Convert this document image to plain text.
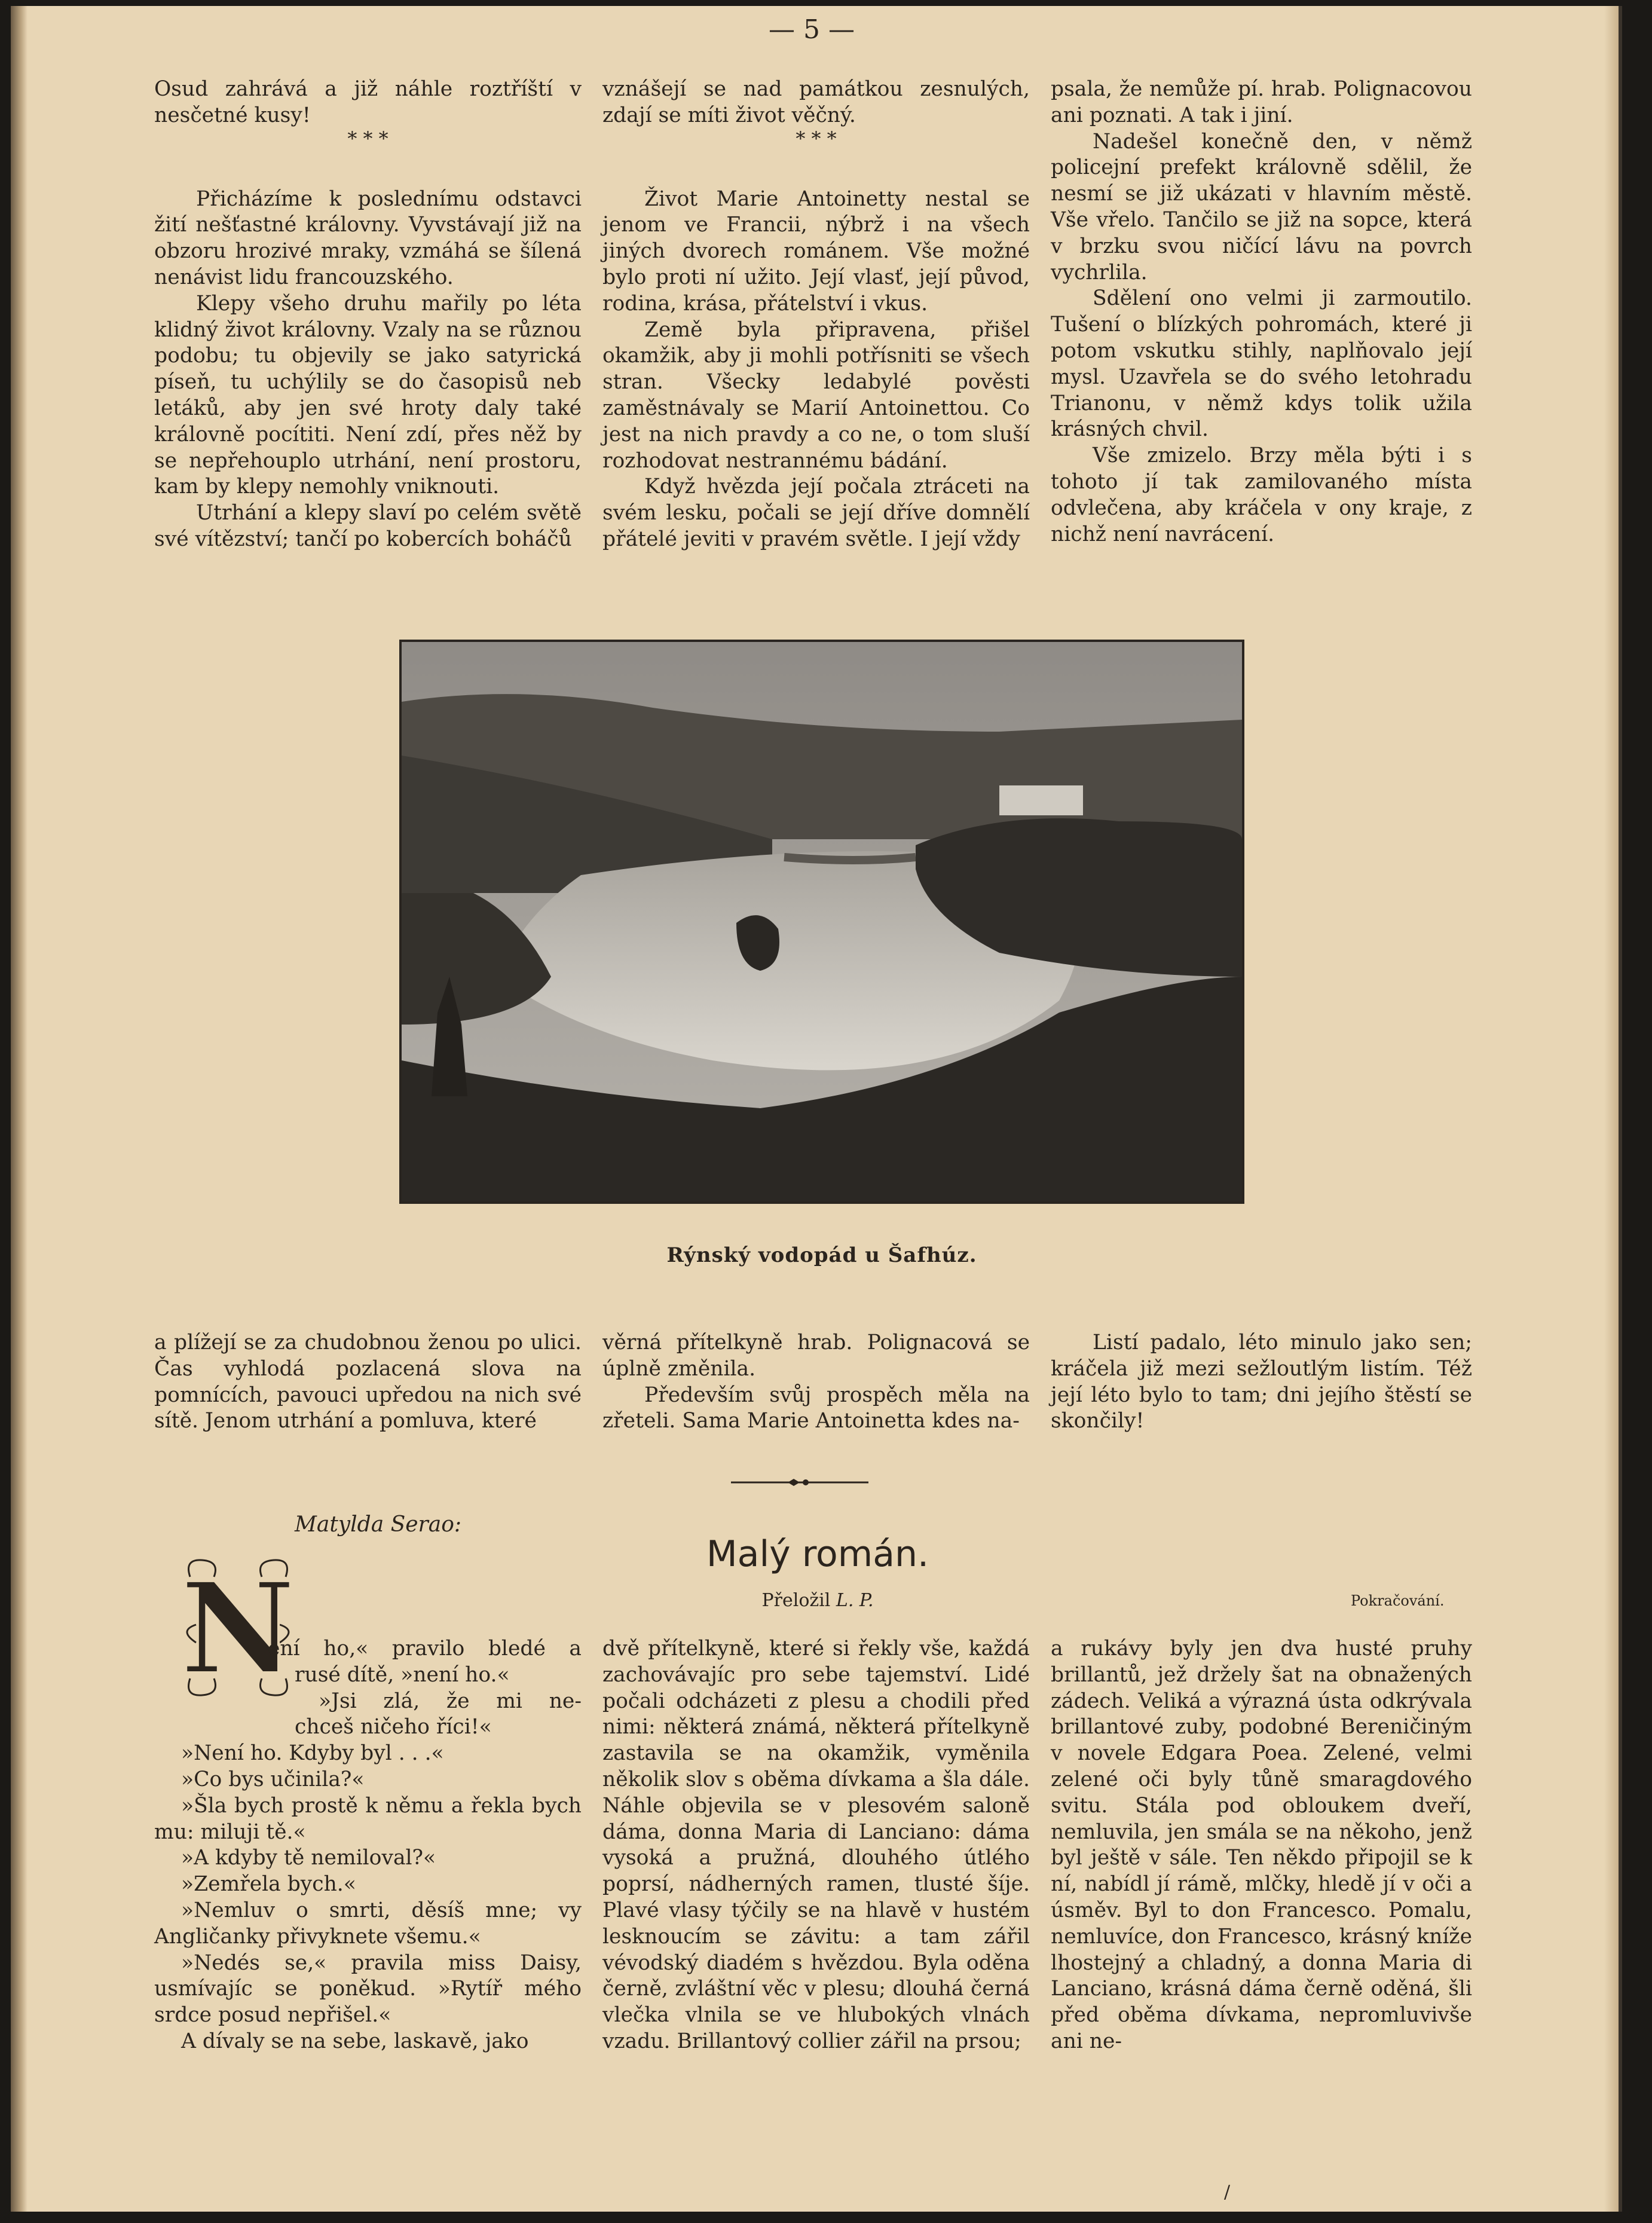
— 5 —

Osud zahrává a již náhle roztříští v nesčetné kusy!

* * *

Přicházíme k poslednímu odstavci žití nešťastné královny. Vyvstávají již na obzoru hrozivé mraky, vzmáhá se šílená nenávist lidu francouzského.

Klepy všeho druhu mařily po léta klidný život královny. Vzaly na se různou podobu; tu objevily se jako satyrická píseň, tu uchýlily se do časopisů neb letáků, aby jen své hroty daly také královně pocítiti. Není zdí, přes něž by se nepřehouplo utrhání, není prostoru, kam by klepy nemohly vniknouti.

Utrhání a klepy slaví po celém světě své vítězství; tančí po kobercích boháčů

vznášejí se nad památkou zesnulých, zdají se míti život věčný.

* * *

Život Marie Antoinetty nestal se jenom ve Francii, nýbrž i na všech jiných dvorech románem. Vše možné bylo proti ní užito. Její vlasť, její původ, rodina, krása, přátelství i vkus.

Země byla připravena, přišel okamžik, aby ji mohli potřísniti se všech stran. Všecky ledabylé pověsti zaměstnávaly se Marií Antoinettou. Co jest na nich pravdy a co ne, o tom sluší rozhodovat nestrannému bádání.

Když hvězda její počala ztráceti na svém lesku, počali se její dříve domnělí přátelé jeviti v pravém světle. I její vždy

psala, že nemůže pí. hrab. Polignacovou ani poznati. A tak i jiní.

Nadešel konečně den, v němž policejní prefekt královně sdělil, že nesmí se již ukázati v hlavním městě. Vše vřelo. Tančilo se již na sopce, která v brzku svou ničící lávu na povrch vychrlila.

Sdělení ono velmi ji zarmoutilo. Tušení o blízkých pohromách, které ji potom vskutku stihly, naplňovalo její mysl. Uzavřela se do svého letohradu Trianonu, v němž kdys tolik užila krásných chvil.

Vše zmizelo. Brzy měla býti i s tohoto jí tak zamilovaného místa odvlečena, aby kráčela v ony kraje, z nichž není navrácení.

Rýnský vodopád u Šafhúz.

a plížejí se za chudobnou ženou po ulici. Čas vyhlodá pozlacená slova na pomnících, pavouci upředou na nich své sítě. Jenom utrhání a pomluva, které

věrná přítelkyně hrab. Polignacová se úplně změnila.

Především svůj prospěch měla na zřeteli. Sama Marie Antoinetta kdes na-

Listí padalo, léto minulo jako sen; kráčela již mezi sežloutlým listím. Též její léto bylo to tam; dni jejího štěstí se skončily!

Matylda Serao:
Malý román.
Přeložil L. P.	Pokračování.
N
ení ho,« pravilo bledé a
rusé dítě, »není ho.«
»Jsi zlá, že mi ne-
chceš ničeho říci!«

»Není ho. Kdyby byl . . .«

»Co bys učinila?«

»Šla bych prostě k němu a řekla bych mu: miluji tě.«

»A kdyby tě nemiloval?«

»Zemřela bych.«

»Nemluv o smrti, děsíš mne; vy Angličanky přivyknete všemu.«

»Nedés se,« pravila miss Daisy, usmívajíc se poněkud. »Rytíř mého srdce posud nepřišel.«

A dívaly se na sebe, laskavě, jako

dvě přítelkyně, které si řekly vše, každá zachovávajíc pro sebe tajemství. Lidé počali odcházeti z plesu a chodili před nimi: některá známá, některá přítelkyně zastavila se na okamžik, vyměnila několik slov s oběma dívkama a šla dále. Náhle objevila se v plesovém saloně dáma, donna Maria di Lanciano: dáma vysoká a pružná, dlouhého útlého poprsí, nádherných ramen, tlusté šíje. Plavé vlasy týčily se na hlavě v hustém lesknoucím se závitu: a tam zářil vévodský diadém s hvězdou. Byla oděna černě, zvláštní věc v plesu; dlouhá černá vlečka vlnila se ve hlubokých vlnách vzadu. Brillantový collier zářil na prsou;

a rukávy byly jen dva husté pruhy brillantů, jež držely šat na obnažených zádech. Veliká a výrazná ústa odkrývala brillantové zuby, podobné Bereničiným v novele Edgara Poea. Zelené, velmi zelené oči byly tůně smaragdového svitu. Stála pod obloukem dveří, nemluvila, jen smála se na někoho, jenž byl ještě v sále. Ten někdo připojil se k ní, nabídl jí rámě, mlčky, hledě jí v oči a úsměv. Byl to don Francesco. Pomalu, nemluvíce, don Francesco, krásný kníže lhostejný a chladný, a donna Maria di Lanciano, krásná dáma černě oděná, šli před oběma dívkama, nepromluvivše ani ne-

/
